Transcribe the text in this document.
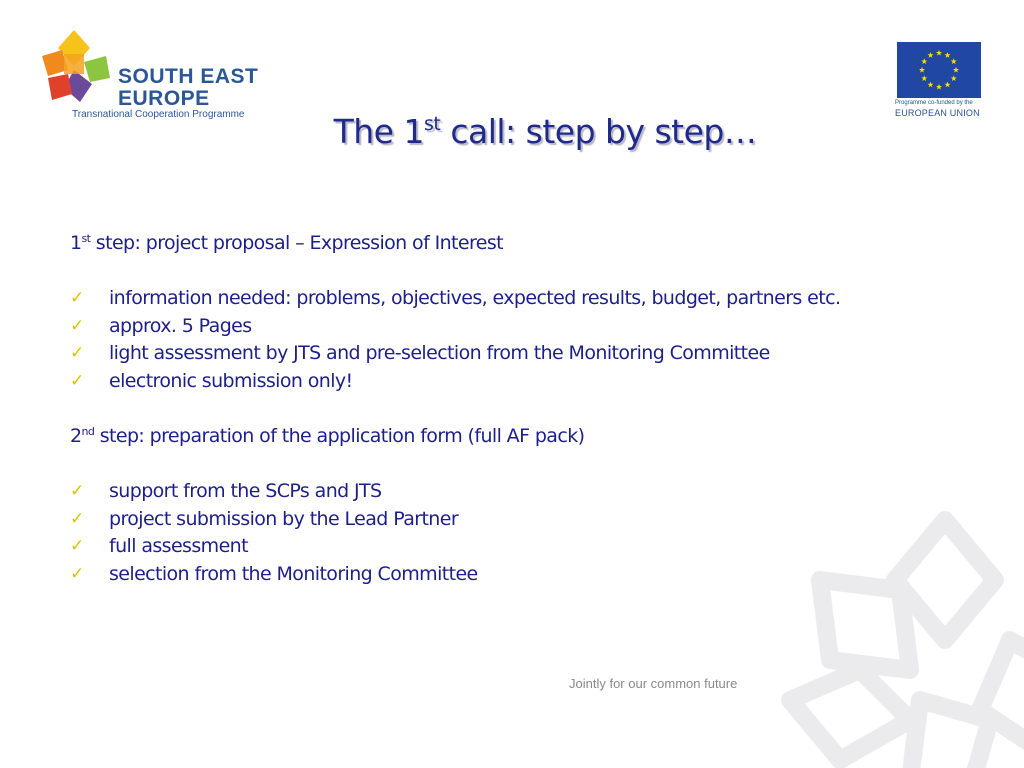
SOUTH EAST
EUROPE
Transnational Cooperation Programme
Programme co-funded by the
EUROPEAN UNION
The 1st call: step by step…

1st step: project proposal – Expression of Interest

✓ information needed: problems, objectives, expected results, budget, partners etc.
✓ approx. 5 Pages
✓ light assessment by JTS and pre-selection from the Monitoring Committee
✓ electronic submission only!

2nd step: preparation of the application form (full AF pack)

✓ support from the SCPs and JTS
✓ project submission by the Lead Partner
✓ full assessment
✓ selection from the Monitoring Committee
Jointly for our common future
